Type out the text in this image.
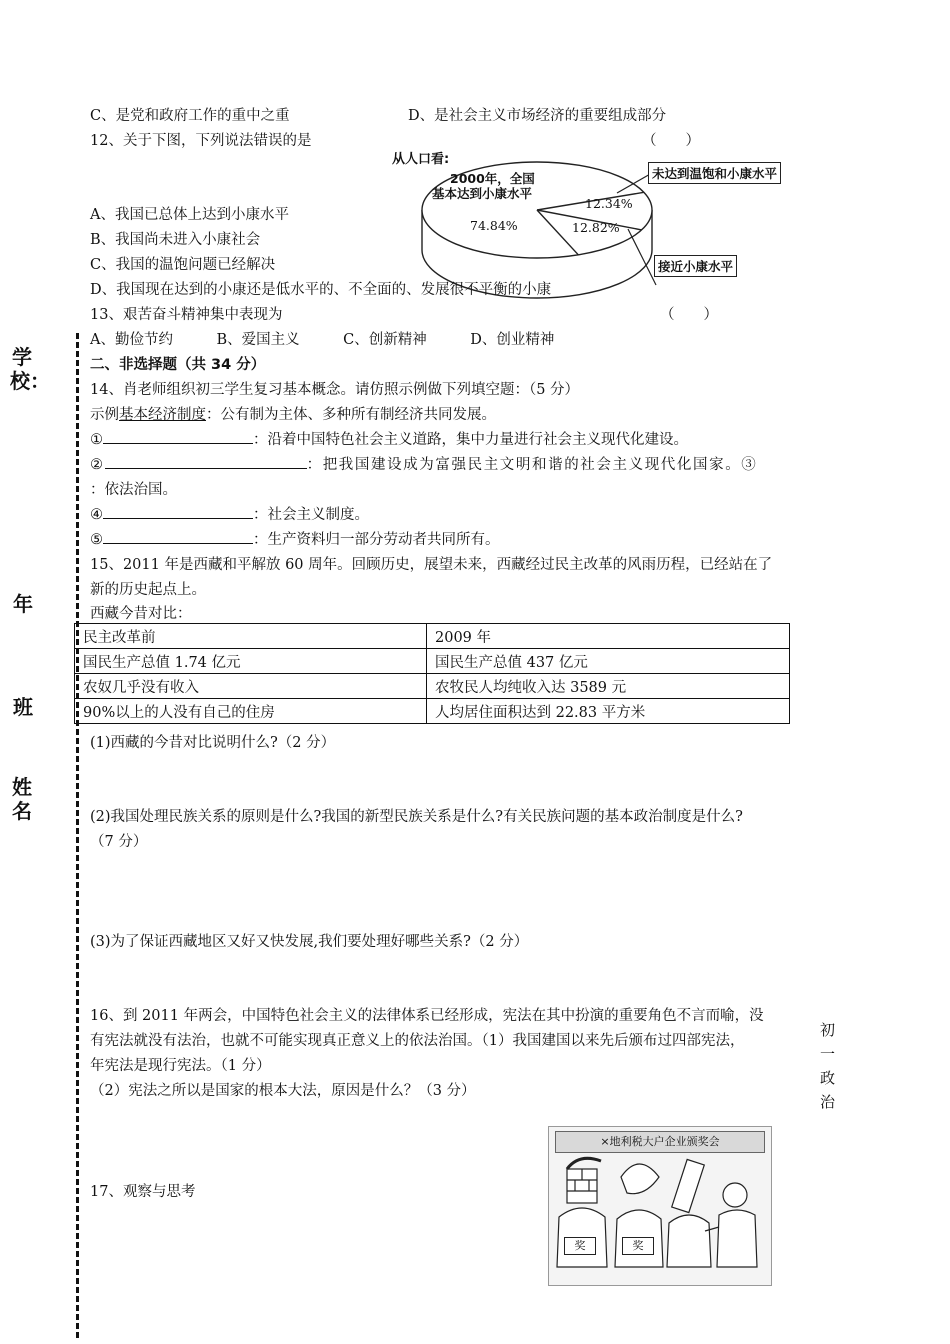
学校：
年
班
姓名
C、是党和政府工作的重中之重	D、是社会主义市场经济的重要组成部分
12、关于下图，下列说法错误的是	（　　）
从人口看:
2000年，全国
基本达到小康水平
74.84%
12.34%
12.82%
未达到温饱和小康水平
接近小康水平
A、我国已总体上达到小康水平
B、我国尚未进入小康社会
C、我国的温饱问题已经解决
D、我国现在达到的小康还是低水平的、不全面的、发展很不平衡的小康
13、艰苦奋斗精神集中表现为	（　　）
A、勤俭节约　　　B、爱国主义　　　C、创新精神　　　D、创业精神
二、非选择题（共 34 分）
14、肖老师组织初三学生复习基本概念。请仿照示例做下列填空题：（5 分）
示例基本经济制度：公有制为主体、多种所有制经济共同发展。
①	：沿着中国特色社会主义道路，集中力量进行社会主义现代化建设。
②	：把我国建设成为富强民主文明和谐的社会主义现代化国家。③
：依法治国。
④	：社会主义制度。
⑤	：生产资料归一部分劳动者共同所有。
15、2011 年是西藏和平解放 60 周年。回顾历史，展望未来，西藏经过民主改革的风雨历程，已经站在了
新的历史起点上。
西藏今昔对比：
民主改革前	2009 年
国民生产总值 1.74 亿元	国民生产总值 437 亿元
农奴几乎没有收入	农牧民人均纯收入达 3589 元
90%以上的人没有自己的住房	人均居住面积达到 22.83 平方米
(1)西藏的今昔对比说明什么?（2 分）
(2)我国处理民族关系的原则是什么?我国的新型民族关系是什么?有关民族问题的基本政治制度是什么?
（7 分）
(3)为了保证西藏地区又好又快发展,我们要处理好哪些关系?（2 分）
16、到 2011 年两会，中国特色社会主义的法律体系已经形成，宪法在其中扮演的重要角色不言而喻，没
有宪法就没有法治，也就不可能实现真正意义上的依法治国。（1）我国建国以来先后颁布过四部宪法，
年宪法是现行宪法。（1 分）
（2）宪法之所以是国家的根本大法，原因是什么？（3 分）
初
一
政
治
17、观察与思考
×地利税大户企业颁奖会
奖	奖
